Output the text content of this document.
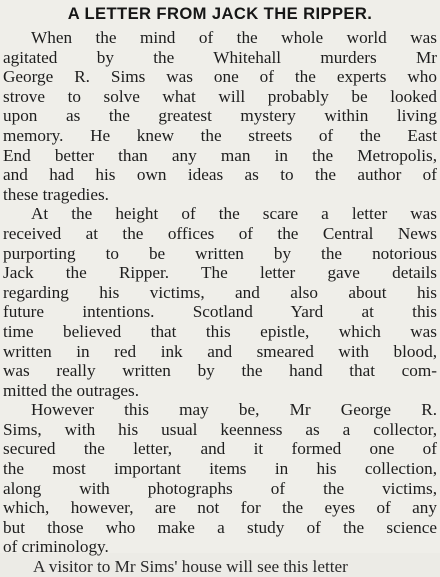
A LETTER FROM JACK THE RIPPER.
When the mind of the whole world was
agitated by the Whitehall murders Mr
George R. Sims was one of the experts who
strove to solve what will probably be looked
upon as the greatest mystery within living
memory. He knew the streets of the East
End better than any man in the Metropolis,
and had his own ideas as to the author of
these tragedies.
At the height of the scare a letter was
received at the offices of the Central News
purporting to be written by the notorious
Jack the Ripper. The letter gave details
regarding his victims, and also about his
future intentions. Scotland Yard at this
time believed that this epistle, which was
written in red ink and smeared with blood,
was really written by the hand that com-
mitted the outrages.
However this may be, Mr George R.
Sims, with his usual keenness as a collector,
secured the letter, and it formed one of
the most important items in his collection,
along with photographs of the victims,
which, however, are not for the eyes of any
but those who make a study of the science
of criminology.
A visitor to Mr Sims' house will see this letter
